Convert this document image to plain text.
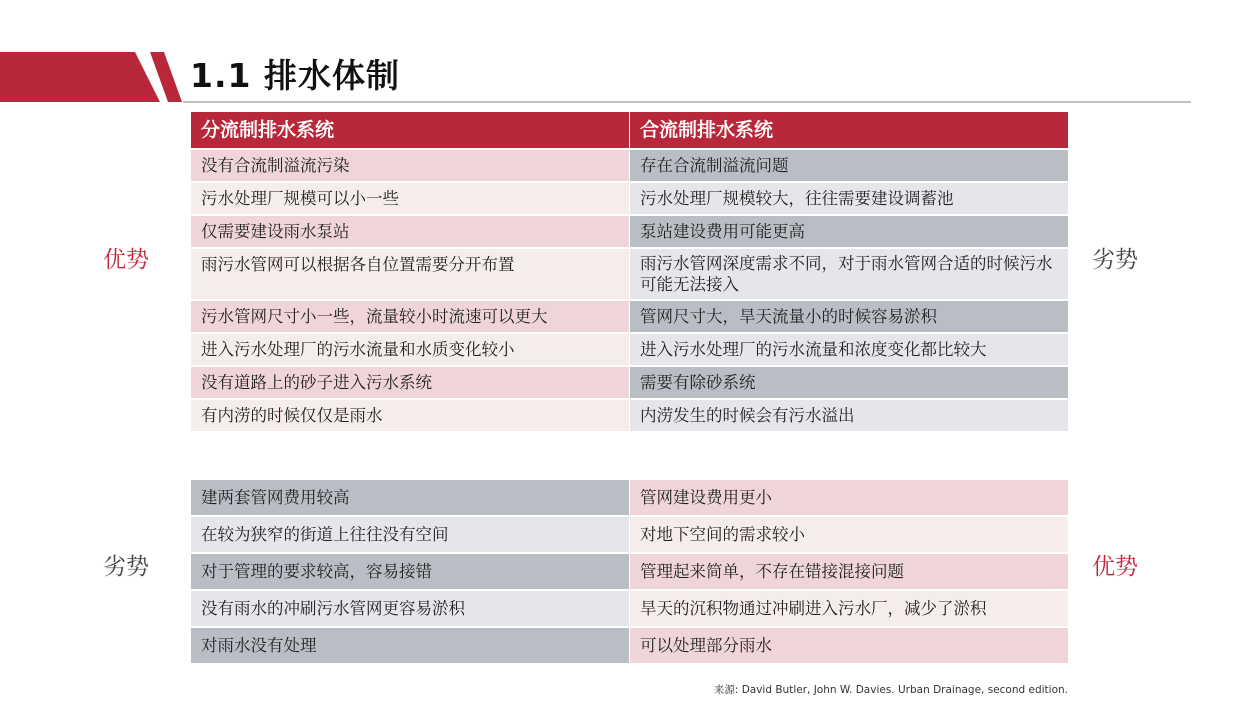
1.1 排水体制
分流制排水系统	合流制排水系统
没有合流制溢流污染	存在合流制溢流问题
污水处理厂规模可以小一些	污水处理厂规模较大，往往需要建设调蓄池
仅需要建设雨水泵站	泵站建设费用可能更高
雨污水管网可以根据各自位置需要分开布置	雨污水管网深度需求不同，对于雨水管网合适的时候污水可能无法接入
污水管网尺寸小一些，流量较小时流速可以更大	管网尺寸大，旱天流量小的时候容易淤积
进入污水处理厂的污水流量和水质变化较小	进入污水处理厂的污水流量和浓度变化都比较大
没有道路上的砂子进入污水系统	需要有除砂系统
有内涝的时候仅仅是雨水	内涝发生的时候会有污水溢出
建两套管网费用较高	管网建设费用更小
在较为狭窄的街道上往往没有空间	对地下空间的需求较小
对于管理的要求较高，容易接错	管理起来简单，不存在错接混接问题
没有雨水的冲刷污水管网更容易淤积	旱天的沉积物通过冲刷进入污水厂，减少了淤积
对雨水没有处理	可以处理部分雨水
优势	劣势
劣势	优势
来源: David Butler, John W. Davies. Urban Drainage, second edition.
